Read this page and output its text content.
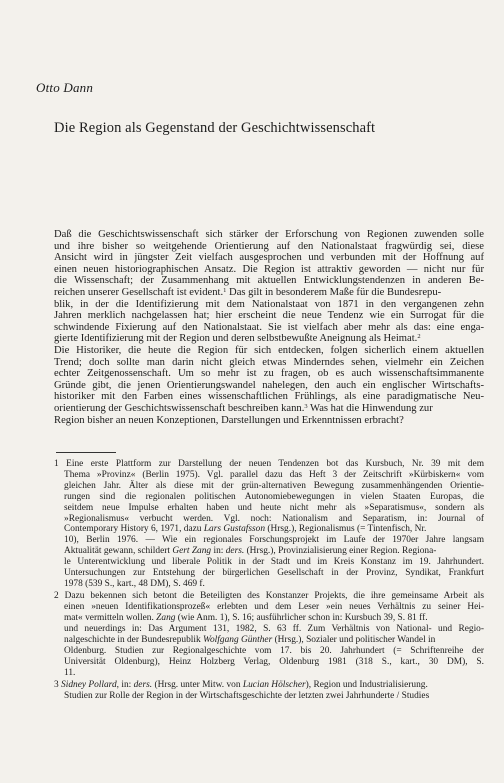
Otto Dann
Die Region als Gegenstand der Geschichtwissenschaft
Daß die Geschichtswissenschaft sich stärker der Erforschung von Regionen zuwenden solle
und ihre bisher so weitgehende Orientierung auf den Nationalstaat fragwürdig sei, diese
Ansicht wird in jüngster Zeit vielfach ausgesprochen und verbunden mit der Hoffnung auf
einen neuen historiographischen Ansatz. Die Region ist attraktiv geworden — nicht nur für
die Wissenschaft; der Zusammenhang mit aktuellen Entwicklungstendenzen in anderen Be-
reichen unserer Gesellschaft ist evident.$^1$ Das gilt in besonderem Maße für die Bundesrepu-
blik, in der die Identifizierung mit dem Nationalstaat von 1871 in den vergangenen zehn
Jahren merklich nachgelassen hat; hier erscheint die neue Tendenz wie ein Surrogat für die
schwindende Fixierung auf den Nationalstaat. Sie ist vielfach aber mehr als das: eine enga-
gierte Identifizierung mit der Region und deren selbstbewußte Aneignung als Heimat.$^2$
Die Historiker, die heute die Region für sich entdecken, folgen sicherlich einem aktuellen
Trend; doch sollte man darin nicht gleich etwas Minderndes sehen, vielmehr ein Zeichen
echter Zeitgenossenschaft. Um so mehr ist zu fragen, ob es auch wissenschaftsimmanente
Gründe gibt, die jenen Orientierungswandel nahelegen, den auch ein englischer Wirtschafts-
historiker mit den Farben eines wissenschaftlichen Frühlings, als eine paradigmatische Neu-
orientierung der Geschichtswissenschaft beschreiben kann.$^3$ Was hat die Hinwendung zur
Region bisher an neuen Konzeptionen, Darstellungen und Erkenntnissen erbracht?
1 Eine erste Plattform zur Darstellung der neuen Tendenzen bot das Kursbuch, Nr. 39 mit dem
Thema »Provinz« (Berlin 1975). Vgl. parallel dazu das Heft 3 der Zeitschrift »Kürbiskern« vom
gleichen Jahr. Älter als diese mit der grün-alternativen Bewegung zusammenhängenden Orientie-
rungen sind die regionalen politischen Autonomiebewegungen in vielen Staaten Europas, die
seitdem neue Impulse erhalten haben und heute nicht mehr als »Separatismus«, sondern als
»Regionalismus« verbucht werden. Vgl. noch: Nationalism and Separatism, in: Journal of
Contemporary History 6, 1971, dazu Lars Gustafsson (Hrsg.), Regionalismus (= Tintenfisch, Nr.
10), Berlin 1976. — Wie ein regionales Forschungsprojekt im Laufe der 1970er Jahre langsam
Aktualität gewann, schildert Gert Zang in: ders. (Hrsg.), Provinzialisierung einer Region. Regiona-
le Unterentwicklung und liberale Politik in der Stadt und im Kreis Konstanz im 19. Jahrhundert.
Untersuchungen zur Entstehung der bürgerlichen Gesellschaft in der Provinz, Syndikat, Frankfurt
1978 (539 S., kart., 48 DM), S. 469 f.
2 Dazu bekennen sich betont die Beteiligten des Konstanzer Projekts, die ihre gemeinsame Arbeit als
einen »neuen Identifikationsprozeß« erlebten und dem Leser »ein neues Verhältnis zu seiner Hei-
mat« vermitteln wollen. Zang (wie Anm. 1), S. 16; ausführlicher schon in: Kursbuch 39, S. 81 ff.
und neuerdings in: Das Argument 131, 1982, S. 63 ff. Zum Verhältnis von National- und Regio-
nalgeschichte in der Bundesrepublik Wolfgang Günther (Hrsg.), Sozialer und politischer Wandel in
Oldenburg. Studien zur Regionalgeschichte vom 17. bis 20. Jahrhundert (= Schriftenreihe der
Universität Oldenburg), Heinz Holzberg Verlag, Oldenburg 1981 (318 S., kart., 30 DM), S.
11.
3 Sidney Pollard, in: ders. (Hrsg. unter Mitw. von Lucian Hölscher), Region und Industrialisierung.
Studien zur Rolle der Region in der Wirtschaftsgeschichte der letzten zwei Jahrhunderte / Studies
